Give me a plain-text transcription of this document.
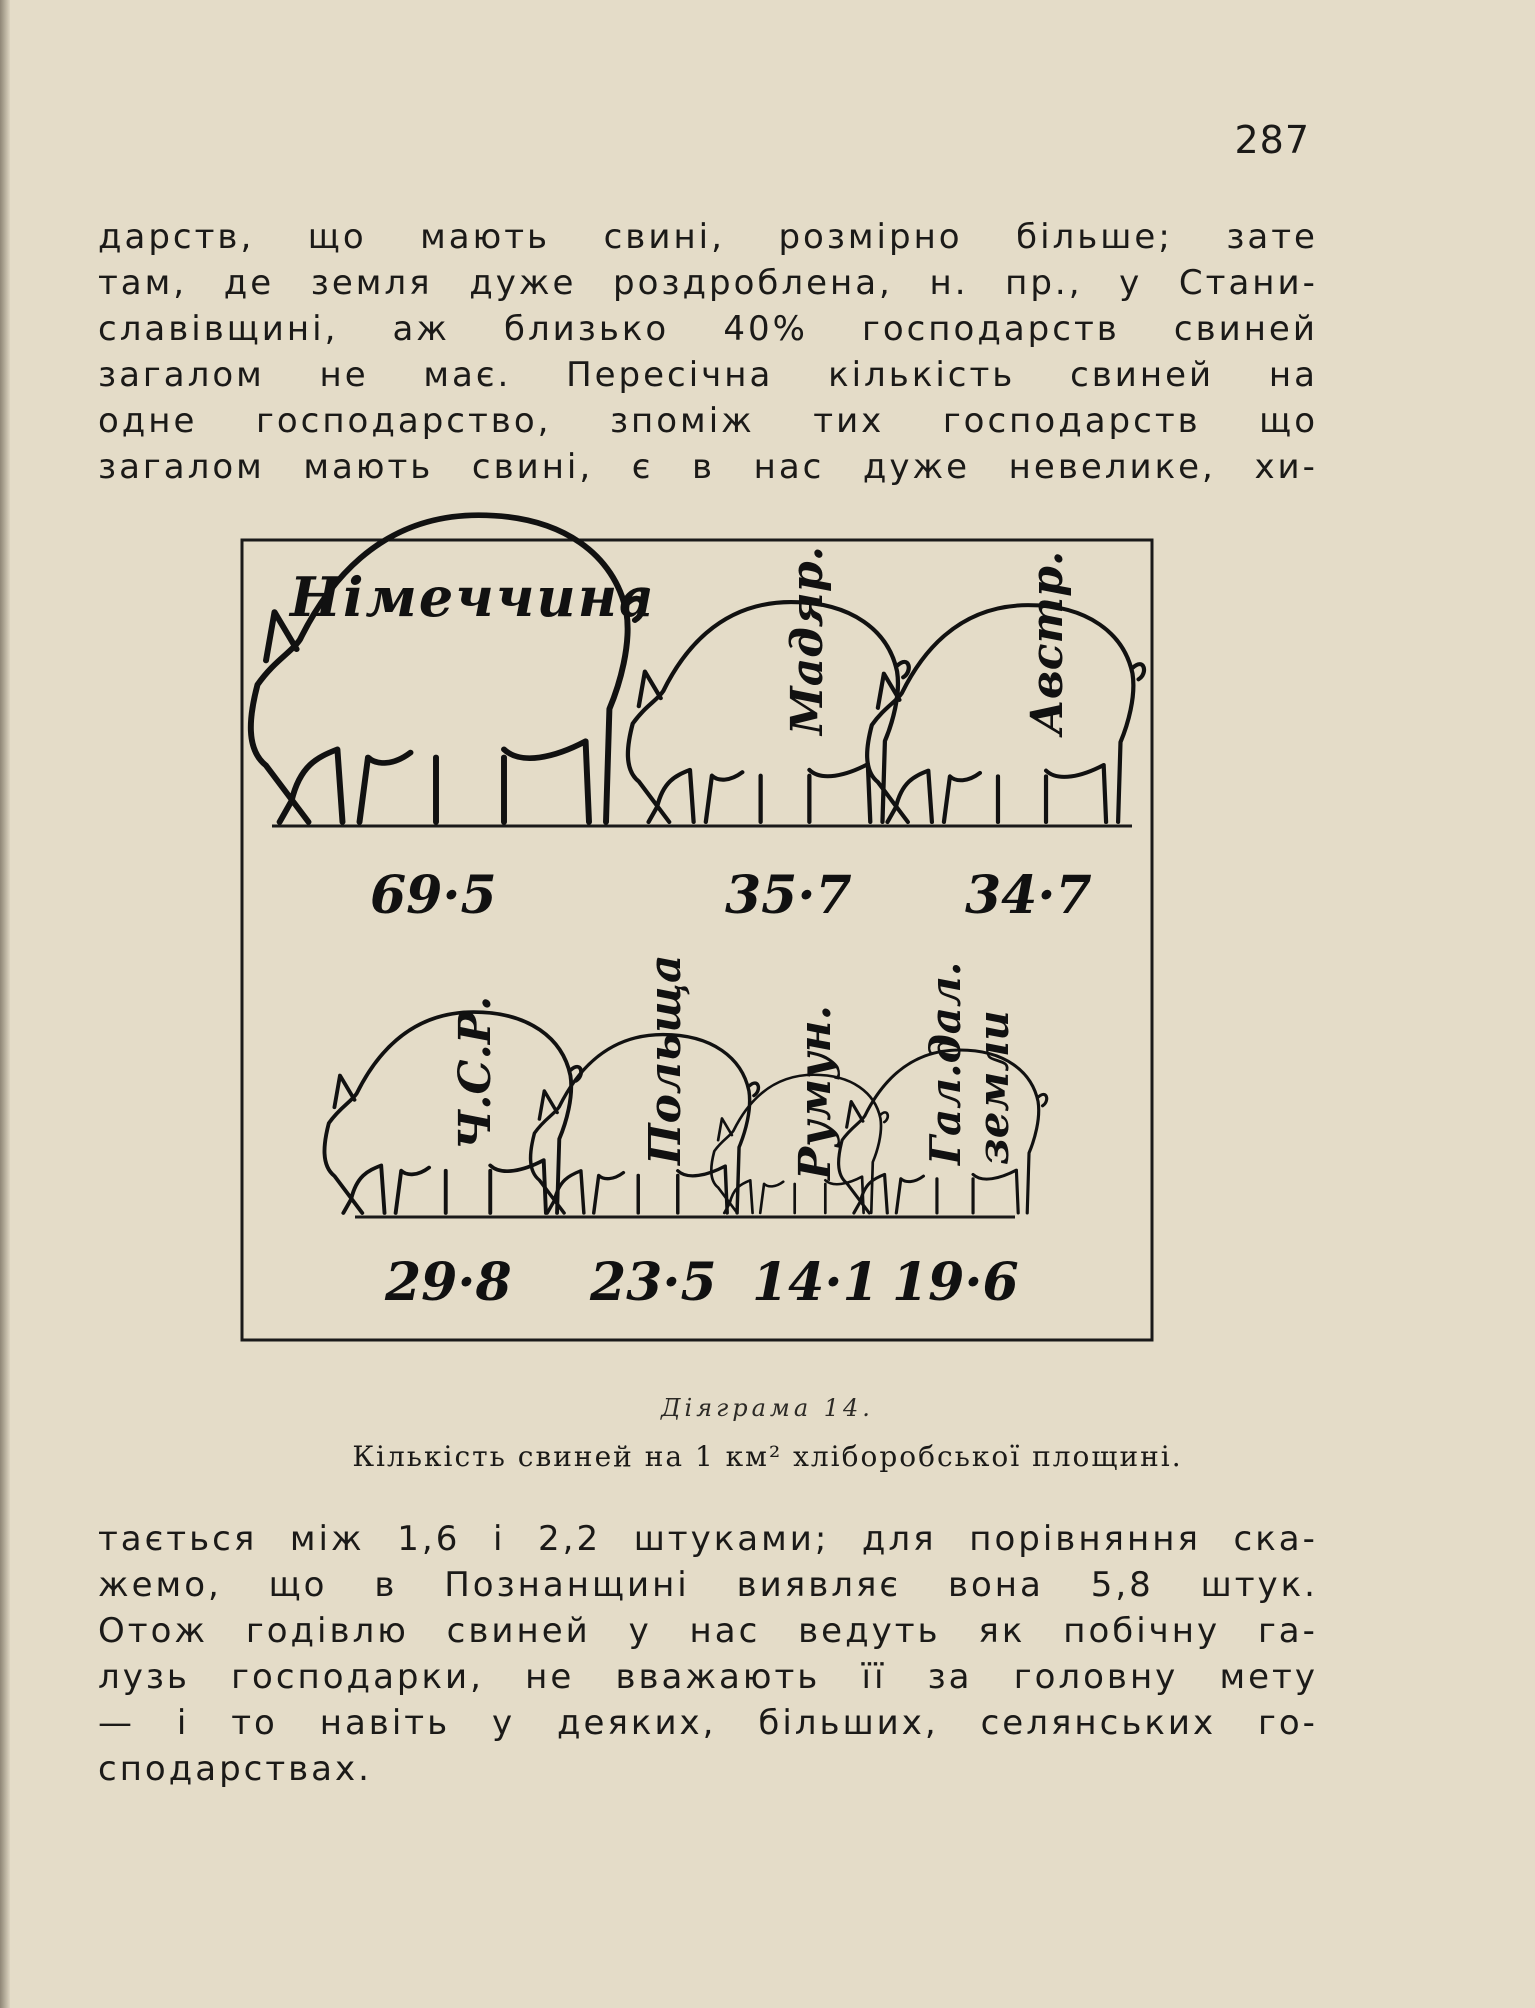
287
дарств, що мають свині, розмірно більше; зате
там, де земля дуже роздроблена, н. пр., у Стани-
славівщині, аж близько 40% господарств свиней
загалом не має. Пересічна кількість свиней на
одне господарство, зпоміж тих господарств що
загалом мають свині, є в нас дуже невелике, хи-
Німеччина	Мадяр.	Австр.
Ч.С.Р.	Польща Румун. Гал.дал. земли
69·5	35·7 34·7
29·8 23·5 14·1 19·6
Діяграма 14.
Кількість свиней на 1 км² хліборобської площині.
тається між 1,6 і 2,2 штуками; для порівняння ска-
жемо, що в Познанщині виявляє вона 5,8 штук.
Отож годівлю свиней у нас ведуть як побічну га-
лузь господарки, не вважають її за головну мету
— і то навіть у деяких, більших, селянських го-
сподарствах.
